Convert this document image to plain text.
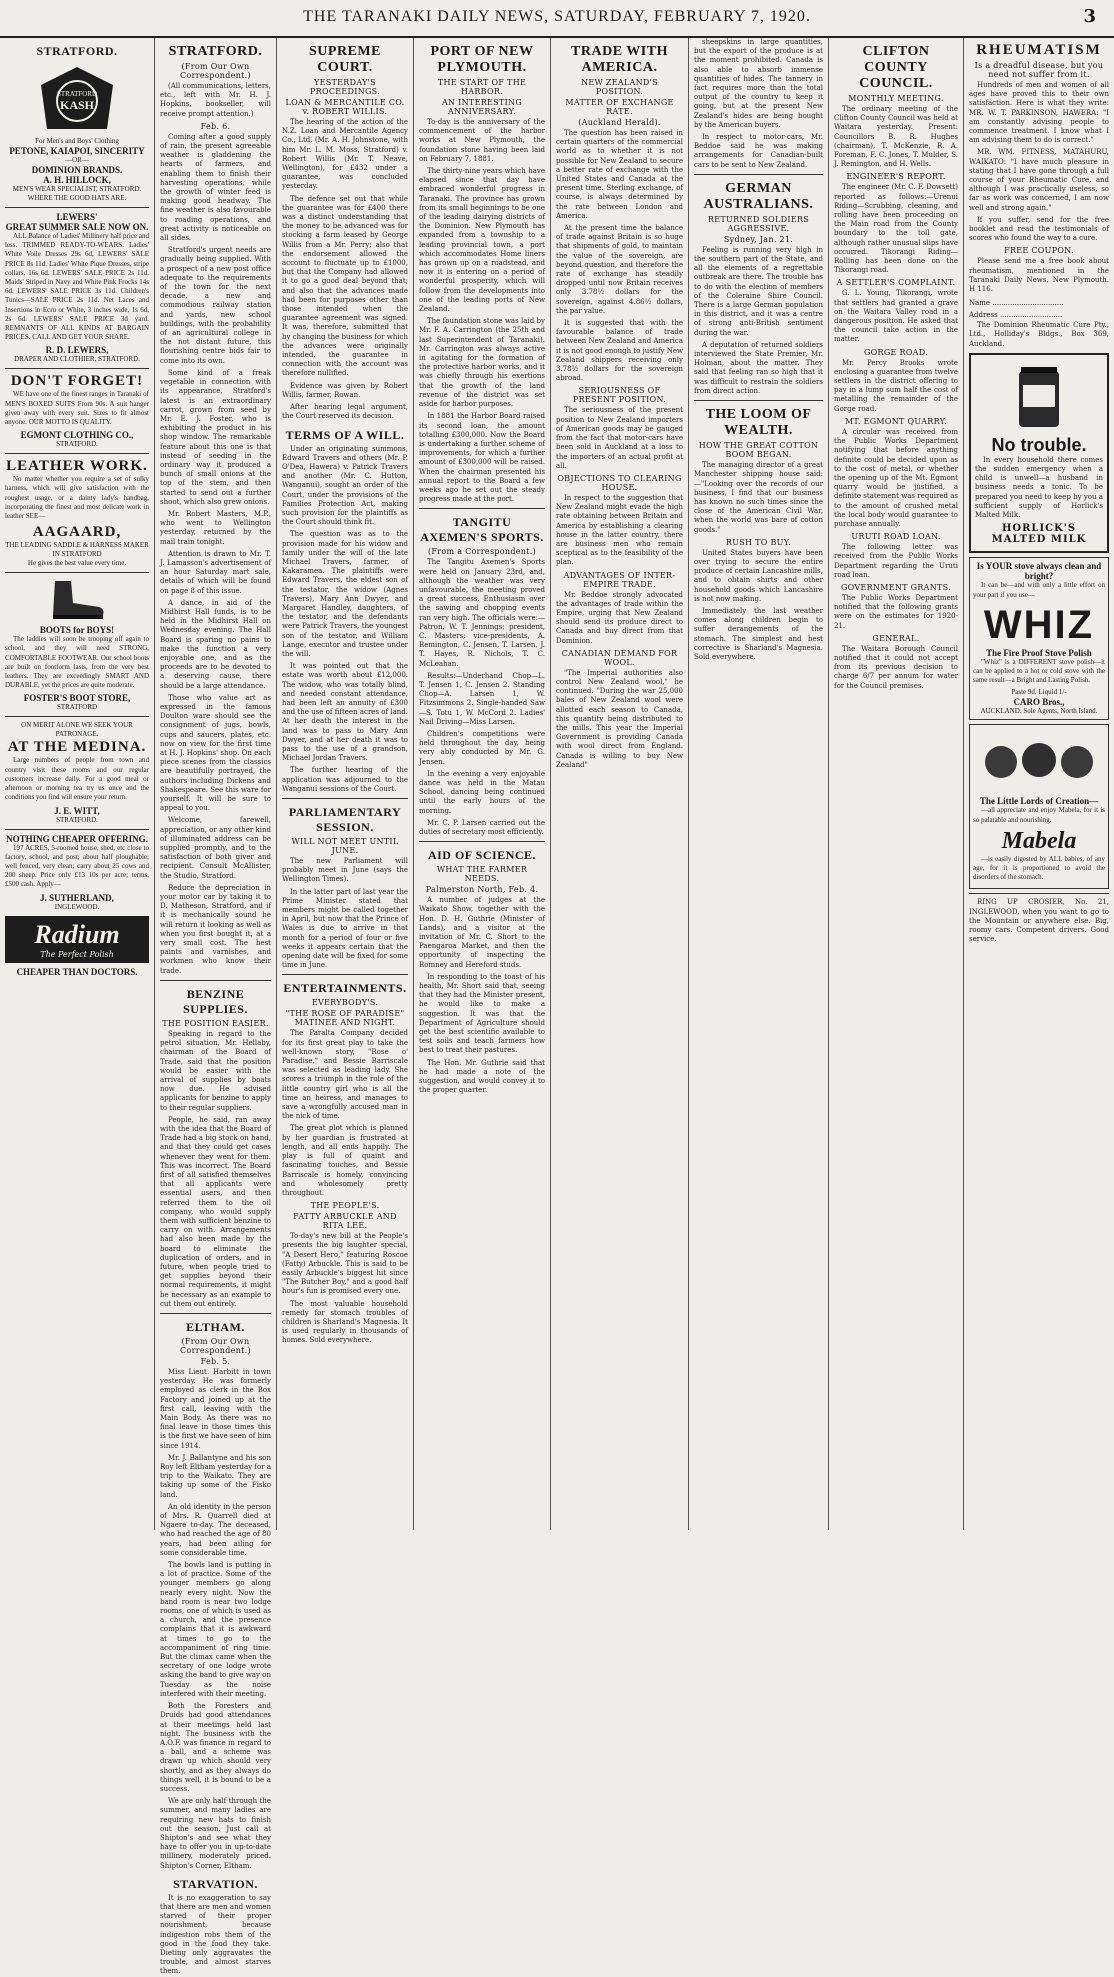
THE TARANAKI DAILY NEWS, SATURDAY, FEBRUARY 7, 1920.	3
STRATFORD.
STRATFORD
KASH
For Men's and Boys' Clothing
PETONE, KAIAPOI, SINCERITY
—OR—
DOMINION BRANDS.
A. H. HILLOCK,
MEN'S WEAR SPECIALIST, STRATFORD.
WHERE THE GOOD HATS ARE.
LEWERS'
GREAT SUMMER SALE NOW ON.

ALL Balance of Ladies' Millinery half price and less. TRIMMED READY-TO-WEARS. Ladies' White Voile Dresses 29s 6d, LEWERS' SALE PRICE 8s 11d. Ladies' White Pique Dresses, stripe collars, 16s 6d. LEWERS' SALE PRICE 2s 11d. Maids' Striped in Navy and White Pink Frocks 14s 6d. LEWERS' SALE PRICE 3s 11d. Children's Tunics—SALE PRICE 2s 11d. Net Laces and Insertions in Ecru or White, 3 inches wide, 1s 6d, 2s 6d. LEWERS' SALE PRICE 3d yard. REMNANTS OF ALL KINDS AT BARGAIN PRICES. CALL AND GET YOUR SHARE.

R. D. LEWERS,
DRAPER AND CLOTHIER, STRATFORD.
DON'T FORGET!

WE have one of the finest ranges in Taranaki of MEN'S BOXED SUITS From 90s. A suit hanger given away with every suit. Sizes to fit almost anyone. OUR MOTTO IS QUALITY.

EGMONT CLOTHING CO.,
STRATFORD.
LEATHER WORK.

No matter whether you require a set of sulky harness, which will give satisfaction with the roughest usage, or a dainty lady's handbag, incorporating the finest and most delicate work in leather SEE—

AAGAARD,
THE LEADING SADDLE & HARNESS MAKER IN STRATFORD
He gives the best value every time.
BOOTS for BOYS!

The laddies will soon be trooping off again to school, and they will need STRONG, COMFORTABLE FOOTWEAR. Our school boots are built on footform lasts, from the very best leathers. They are exceedingly SMART AND DURABLE, yet the prices are quite moderate.

FOSTER'S BOOT STORE,
STRATFORD
ON MERIT ALONE WE SEEK YOUR PATRONAGE.
AT THE MEDINA.

Large numbers of people from town and country visit these rooms and our regular customers increase daily. For a good meal or afternoon or morning tea try us once and the conditions you find will ensure your return.

J. E. WITT,
STRATFORD.
NOTHING CHEAPER OFFERING.

197 ACRES, 5-roomed house, shed, etc close to factory, school, and post; about half ploughable; well fenced, very clean; carry about 25 cows and 200 sheep. Price only £13 10s per acre; terms, £500 cash. Apply—

J. SUTHERLAND,
INGLEWOOD.
Radium
The Perfect Polish
CHEAPER THAN DOCTORS.
STRATFORD.
(From Our Own Correspondent.)

(All communications, letters, etc., left with Mr. H. J. Hopkins, bookseller, will receive prompt attention.)

Feb. 6.

Coming after a good supply of rain, the present agreeable weather is gladdening the hearts of farmers, and enabling them to finish their harvesting operations, while the growth of winter feed is making good headway. The fine weather is also favourable to roading operations, and great activity is noticeable on all sides.

Stratford's urgent needs are gradually being supplied. With a prospect of a new post office adequate to the requirements of the town for the next decade, a new and commodious railway station and yards, new school buildings, with the probability of an agricultural college in the not distant future, this flourishing centre bids fair to come into its own.

Some kind of a freak vegetable in connection with its appearance, Stratford's latest is an extraordinary carrot, grown from seed by Mr. E. J. Foster, who is exhibiting the product in his shop window. The remarkable feature about this one is that instead of seeding in the ordinary way it produced a bunch of small onions at the top of the stem, and then started to send out a further shoot, which also grew onions.

Mr. Robert Masters, M.P., who went to Wellington yesterday, returned by the mail train tonight.

Attention is drawn to Mr. T. J. Lamasson's advertisement of an hour Saturday mart sale, details of which will be found on page 8 of this issue.

A dance, in aid of the Midhirst Hall funds, is to be held in the Midhirst Hall on Wednesday evening. The Hall Board is sparing no pains to make the function a very enjoyable one, and as the proceeds are to be devoted to a deserving cause, there should be a large attendance.

Those who value art as expressed in the famous Doulton ware should see the consignment of jugs, bowls, cups and saucers, plates, etc. now on view for the first time at H. J. Hopkins' shop. On each piece scenes from the classics are beautifully portrayed, the authors including Dickens and Shakespeare. See this ware for yourself. It will be sure to appeal to you.

Welcome, farewell, appreciation, or any other kind of illuminated address can be supplied promptly, and to the satisfaction of both giver and recipient. Consult McAllister, the Studio, Stratford.

Reduce the depreciation in your motor car by taking it to D. Matheson, Stratford, and if it is mechanically sound he will return it looking as well as when you first bought it, at a very small cost. The best paints and varnishes, and workmen who know their trade.

BENZINE SUPPLIES.
THE POSITION EASIER.

Speaking in regard to the petrol situation, Mr. Hellaby, chairman of the Board of Trade, said that the position would be easier with the arrival of supplies by boats now due. He advised applicants for benzine to apply to their regular suppliers.

People, he said, ran away with the idea that the Board of Trade had a big stock on hand, and that they could get cases whenever they went for them. This was incorrect. The Board first of all satisfied themselves that all applicants were essential users, and then referred them to the oil company, who would supply them with sufficient benzine to carry on with. Arrangements had also been made by the board to eliminate the duplication of orders, and in future, when people tried to get supplies beyond their normal requirements, it might be necessary as an example to cut them out entirely.

ELTHAM.
(From Our Own Correspondent.)
Feb. 5.

Miss Lieut. Harbitt in town yesterday. He was formerly employed as clerk in the Box Factory and joined up at the first call, leaving with the Main Body. As there was no final leave in those times this is the first we have seen of him since 1914.

Mr. J. Ballantyne and his son Roy left Eltham yesterday for a trip to the Waikato. They are taking up some of the Fisko land.

An old identity in the person of Mrs. R. Quarrell died at Ngaere to-day. The deceased, who had reached the age of 80 years, had been ailing for some considerable time.

The bowls land is putting in a lot of practice. Some of the younger members go along nearly every night. Now the band room is near two lodge rooms, one of which is used as a church, and the presence complains that it is awkward at times to go to the accompaniment of ring time. But the climax came when the secretary of one lodge wrote asking the band to give way on Tuesday as the noise interfered with their meeting.

Both the Foresters and Druids had good attendances at their meetings held last night. The business with the A.O.F. was finance in regard to a ball, and a scheme was drawn up which should very shortly, and as they always do things well, it is bound to be a success.

We are only half through the summer, and many ladies are requiring new hats to finish out the season. Just call at Shipton's and see what they have to offer you in up-to-date millinery, moderately priced. Shipton's Corner, Eltham.

STARVATION.

It is no exaggeration to say that there are men and women starved of their proper nourishment, because indigestion robs them of the good in the food they take. Dieting only aggravates the trouble, and almost starves them.

SUPREME COURT.
YESTERDAY'S PROCEEDINGS.
LOAN & MERCANTILE CO. v. ROBERT WILLIS.

The hearing of the action of the N.Z. Loan and Mercantile Agency Co., Ltd. (Mr. A. H. Johnstone, with him Mr. L. M. Moss, Stratford) v. Robert Willis (Mr. T. Neave, Wellington), for £432 under a guarantee, was concluded yesterday.

The defence set out that while the guarantee was for £400 there was a distinct understanding that the money to be advanced was for stocking a farm leased by George Willis from a Mr. Perry; also that the endorsement allowed the account to fluctuate up to £1000, but that the Company had allowed it to go a good deal beyond that; and also that the advances made had been for purposes other than those intended when the guarantee agreement was signed. It was, therefore, submitted that by changing the business for which the advances were originally intended, the guarantee in connection with the account was therefore nullified.

Evidence was given by Robert Willis, farmer, Rowan.

After hearing legal argument, the Court reserved its decision.

TERMS OF A WILL.

Under an originating summons, Edward Travers and others (Mr. P. O'Dea, Hawera) v. Patrick Travers and another (Mr. C. Hutton, Wanganui), sought an order of the Court, under the provisions of the Families Protection Act, making such provision for the plaintiffs as the Court should think fit.

The question was as to the provision made for his widow and family under the will of the late Michael Travers, farmer, of Kakaramea. The plaintiffs were Edward Travers, the eldest son of the testator, the widow (Agnes Travers), Mary Ann Dwyer, and Margaret Handley, daughters, of the testator, and the defendants were Patrick Travers, the youngest son of the testator, and William Lange, executor and trustee under the will.

It was pointed out that the estate was worth about £12,000. The widow, who was totally blind, and needed constant attendance, had been left an annuity of £300 and the use of fifteen acres of land. At her death the interest in the land was to pass to Mary Ann Dwyer, and at her death it was to pass to the use of a grandson, Michael Jordan Travers.

The further hearing of the application was adjourned to the Wanganui sessions of the Court.

PARLIAMENTARY SESSION.
WILL NOT MEET UNTIL JUNE.

The new Parliament will probably meet in June (says the Wellington Times).

In the latter part of last year the Prime Minister stated that members might be called together in April, but now that the Prince of Wales is due to arrive in that month for a period of four or five weeks it appears certain that the opening date will be fixed for some time in June.

ENTERTAINMENTS.
EVERYBODY'S.
"THE ROSE OF PARADISE" MATINEE AND NIGHT.

The Paralta Company decided for its first great play to take the well-known story, "Rose o' Paradise," and Bessie Barriscale was selected as leading lady. She scores a triumph in the role of the little country girl who is all the time an heiress, and manages to save a wrongfully accused man in the nick of time.

The great plot which is planned by her guardian is frustrated at length, and all ends happily. The play is full of quaint and fascinating touches, and Bessie Barriscale is homely, convincing and wholesomely pretty throughout.

THE PEOPLE'S.
FATTY ARBUCKLE AND RITA LEE.

To-day's new bill at the People's presents the big laughter special, "A Desert Hero," featuring Roscoe (Fatty) Arbuckle. This is said to be easily Arbuckle's biggest hit since "The Butcher Boy," and a good half hour's fun is promised every one.

The most valuable household remedy for stomach troubles of children is Sharland's Magnesia. It is used regularly in thousands of homes. Sold everywhere.

PORT OF NEW PLYMOUTH.
THE START OF THE HARBOR.
AN INTERESTING ANNIVERSARY.

To-day is the anniversary of the commencement of the harbor works at New Plymouth, the foundation stone having been laid on February 7, 1881.

The thirty-nine years which have elapsed since that day have embraced wonderful progress in Taranaki. The province has grown from its small beginnings to be one of the leading dairying districts of the Dominion. New Plymouth has expanded from a township to a leading provincial town, a port which accommodates Home liners has grown up on a roadstead, and now it is entering on a period of wonderful prosperity, which will follow from the developments into one of the leading ports of New Zealand.

The foundation stone was laid by Mr. F. A. Carrington (the 25th and last Superintendent of Taranaki). Mr. Carrington was always active in agitating for the formation of the protective harbor works, and it was chiefly through his exertions that the growth of the land revenue of the district was set aside for harbor purposes.

In 1881 the Harbor Board raised its second loan, the amount totalling £300,000. Now the Board is undertaking a further scheme of improvements, for which a further amount of £300,000 will be raised. When the chairman presented his annual report to the Board a few weeks ago he set out the steady progress made at the port.

TANGITU AXEMEN'S SPORTS.
(From a Correspondent.)

The Tangitu Axemen's Sports were held on January 23rd, and, although the weather was very unfavourable, the meeting proved a great success. Enthusiasm over the sawing and chopping events ran very high. The officials were:—Patron, W. T. Jennings; president, C. Masters; vice-presidents, A. Remington, C. Jensen, T. Larsen, J. T. Hayes, R. Nichols, T. C. McLeahan.

Results:—Underhand Chop—L. T. Jensen 1, C. Jensen 2. Standing Chop—A. Larsen 1, W. Fitzsimmons 2. Single-handed Saw—S. Totu 1, W. McCord 2. Ladies' Nail Driving—Miss Larsen.

Children's competitions were held throughout the day, being very ably conducted by Mr. G. Jensen.

In the evening a very enjoyable dance was held in the Matau School, dancing being continued until the early hours of the morning.

Mr. C. P. Larsen carried out the duties of secretary most efficiently.

AID OF SCIENCE.
WHAT THE FARMER NEEDS.
Palmerston North, Feb. 4.

A number of judges at the Waikato Show, together with the Hon. D. H. Guthrie (Minister of Lands), and a visitor at the invitation of Mr. C. Short to the Paengaroa Market, and then the opportunity of inspecting the Romney and Hereford studs.

In responding to the toast of his health, Mr. Short said that, seeing that they had the Minister present, he would like to make a suggestion. It was that the Department of Agriculture should get the best scientific available to test soils and teach farmers how best to treat their pastures.

The Hon. Mr. Guthrie said that he had made a note of the suggestion, and would convey it to the proper quarter.

TRADE WITH AMERICA.
NEW ZEALAND'S POSITION.
MATTER OF EXCHANGE RATE.
(Auckland Herald).

The question has been raised in certain quarters of the commercial world as to whether it is not possible for New Zealand to secure a better rate of exchange with the United States and Canada at the present time. Sterling exchange, of course, is always determined by the rate between London and America.

At the present time the balance of trade against Britain is so huge that shipments of gold, to maintain the value of the sovereign, are beyond question, and therefore the rate of exchange has steadily dropped until now Britain receives only 3.78½ dollars for the sovereign, against 4.86½ dollars, the par value.

It is suggested that with the favourable balance of trade between New Zealand and America it is not good enough to justify New Zealand shippers receiving only 3.78½ dollars for the sovereign abroad.

SERIOUSNESS OF PRESENT POSITION.

The seriousness of the present position to New Zealand importers of American goods may be gauged from the fact that motor-cars have been sold in Auckland at a loss to the importers of an actual profit at all.

OBJECTIONS TO CLEARING HOUSE.

In respect to the suggestion that New Zealand might evade the high rate obtaining between Britain and America by establishing a clearing house in the latter country, there are business men who remain sceptical as to the feasibility of the plan.

ADVANTAGES OF INTER-EMPIRE TRADE.

Mr. Beddoe strongly advocated the advantages of trade within the Empire, urging that New Zealand should send its produce direct to Canada and buy direct from that Dominion.

CANADIAN DEMAND FOR WOOL.

"The Imperial authorities also control New Zealand wool," he continued. "During the war 25,000 bales of New Zealand wool were allotted each season to Canada, this quantity being distributed to the mills. This year the Imperial Government is providing Canada with wool direct from England. Canada is willing to buy New Zealand"

sheepskins in large quantities, but the export of the produce is at the moment prohibited. Canada is also able to absorb immense quantities of hides. The tannery in fact requires more than the total output of the country to keep it going, but at the present New Zealand's hides are being bought by the American buyers.

In respect to motor-cars, Mr. Beddoe said he was making arrangements for Canadian-built cars to be sent to New Zealand.

GERMAN AUSTRALIANS.
RETURNED SOLDIERS AGGRESSIVE.
Sydney, Jan. 21.

Feeling is running very high in the southern part of the State, and all the elements of a regrettable outbreak are there. The trouble has to do with the election of members of the Coleraine Shire Council. There is a large German population in this district, and it was a centre of strong anti-British sentiment during the war.

A deputation of returned soldiers interviewed the State Premier, Mr. Holman, about the matter. They said that feeling ran so high that it was difficult to restrain the soldiers from direct action.

THE LOOM OF WEALTH.
HOW THE GREAT COTTON BOOM BEGAN.

The managing director of a great Manchester shipping house said:—"Looking over the records of our business, I find that our business has known no such times since the close of the American Civil War, when the world was bare of cotton goods."

RUSH TO BUY.

United States buyers have been over trying to secure the entire produce of certain Lancashire mills, and to obtain shirts and other household goods which Lancashire is not now making.

Immediately the last weather comes along children begin to suffer derangements of the stomach. The simplest and best corrective is Sharland's Magnesia. Sold everywhere.

CLIFTON COUNTY COUNCIL.
MONTHLY MEETING.

The ordinary meeting of the Clifton County Council was held at Waitara yesterday. Present: Councillors B. R. Hughes (chairman), T. McKenzie, R. A. Foreman, F. C. Jones, T. Mulder, S. J. Remington, and H. Wells.

ENGINEER'S REPORT.

The engineer (Mr. C. F. Dowsett) reported as follows:—Urenui Riding—Scrubbing, cleaning, and rolling have been proceeding on the Main road from the County boundary to the toll gate, although rather unusual slips have occurred. Tikorangi Riding—Rolling has been done on the Tikorangi road.

A SETTLER'S COMPLAINT.

G. L. Young, Tikorangi, wrote that settlers had granted a grave on the Waitara Valley road in a dangerous position. He asked that the council take action in the matter.

GORGE ROAD.

Mr. Percy Brooks wrote enclosing a guarantee from twelve settlers in the district offering to pay in a lump sum half the cost of metalling the remainder of the Gorge road.

MT. EGMONT QUARRY.

A circular was received from the Public Works Department notifying that before anything definite could be decided upon as to the cost of metal, or whether the opening up of the Mt. Egmont quarry would be justified, a definite statement was required as to the amount of crushed metal the local body would guarantee to purchase annually.

URUTI ROAD LOAN.

The following letter was received from the Public Works Department regarding the Uruti road loan.

GOVERNMENT GRANTS.

The Public Works Department notified that the following grants were on the estimates for 1920-21.

GENERAL.

The Waitara Borough Council notified that it could not accept from its previous decision to charge 6/7 per annum for water for the Council premises.

RHEUMATISM
Is a dreadful disease, but you need not suffer from it.

Hundreds of men and women of all ages have proved this to their own satisfaction. Here is what they write: MR. W. T. PARKINSON, HAWERA: "I am constantly advising people to commence treatment. I know what I am advising them to do is correct."

MR. WM. FITNESS, MATAHURU, WAIKATO: "I have much pleasure in stating that I have gone through a full course of your Rheumatic Cure, and although I was practically useless, so far as work was concerned, I am now well and strong again."

If you suffer, send for the free booklet and read the testimonials of scores who found the way to a cure.

FREE COUPON.

Please send me a free book about rheumatism, mentioned in the Taranaki Daily News, New Plymouth. H 116.

Name ................................
Address ............................

The Dominion Rheumatic Cure Pty., Ltd., Holliday's Bldgs., Box 369, Auckland.

No trouble.

In every household there comes the sudden emergency when a child is unwell—a husband in business needs a tonic. To be prepared you need to keep by you a sufficient supply of Horlick's Malted Milk.

HORLICK'S
MALTED MILK
Is YOUR stove always clean and bright?

It can be—and with only a little effort on your part if you use—

WHIZ
The Fire Proof Stove Polish

"Whiz" is a DIFFERENT stove polish—it can be applied to a hot or cold stove with the same result—a Bright and Lasting Polish.

Paste 9d. Liquid 1/-
CARO Bros.,
AUCKLAND. Sole Agents, North Island.
The Little Lords of Creation—

—all appreciate and enjoy Mabela, for it is so palatable and nourishing.

Mabela

—is easily digested by ALL babies, of any age, for it is proportioned to avoid the disorders of the stomach.

RING UP CROSIER, No. 21, INGLEWOOD, when you want to go to the Mountain or anywhere else. Big, roomy cars. Competent drivers. Good service.
